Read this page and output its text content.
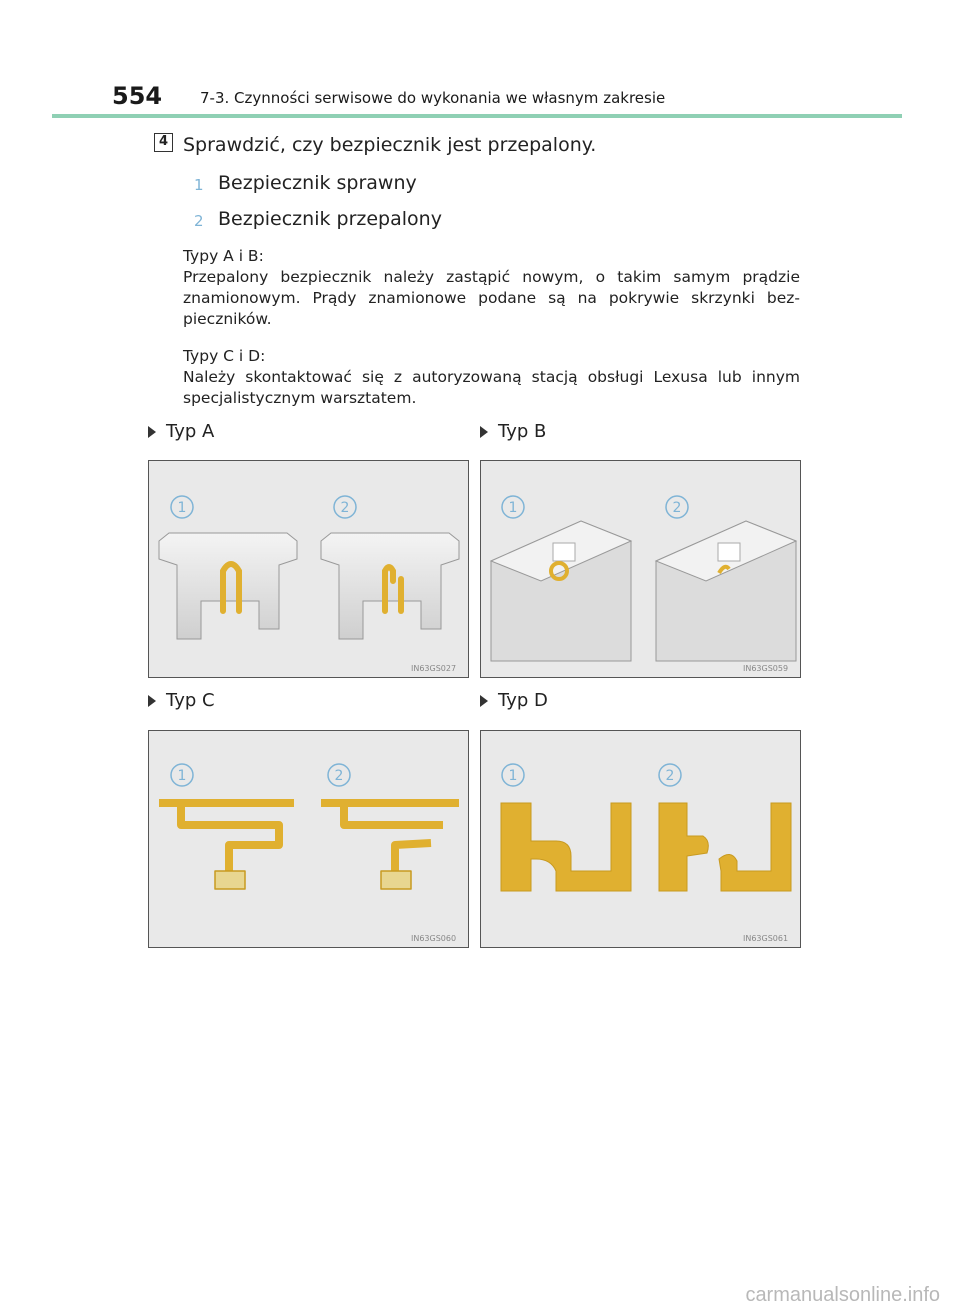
554	7-3. Czynności serwisowe do wykonania we własnym zakresie
4 Sprawdzić, czy bezpiecznik jest przepalony.
1 Bezpiecznik sprawny
2 Bezpiecznik przepalony
Typy A i B:
Przepalony bezpiecznik należy zastąpić nowym, o takim samym prądzie znamionowym. Prądy znamionowe podane są na pokrywie skrzynki bez-pieczników.
Typy C i D:
Należy skontaktować się z autoryzowaną stacją obsługi Lexusa lub innym specjalistycznym warsztatem.
Typ A	Typ B
Typ C	Typ D
1	2
IN63GS027
1	2
IN63GS059
1	2
IN63GS060
1	2
IN63GS061
carmanualsonline.info
